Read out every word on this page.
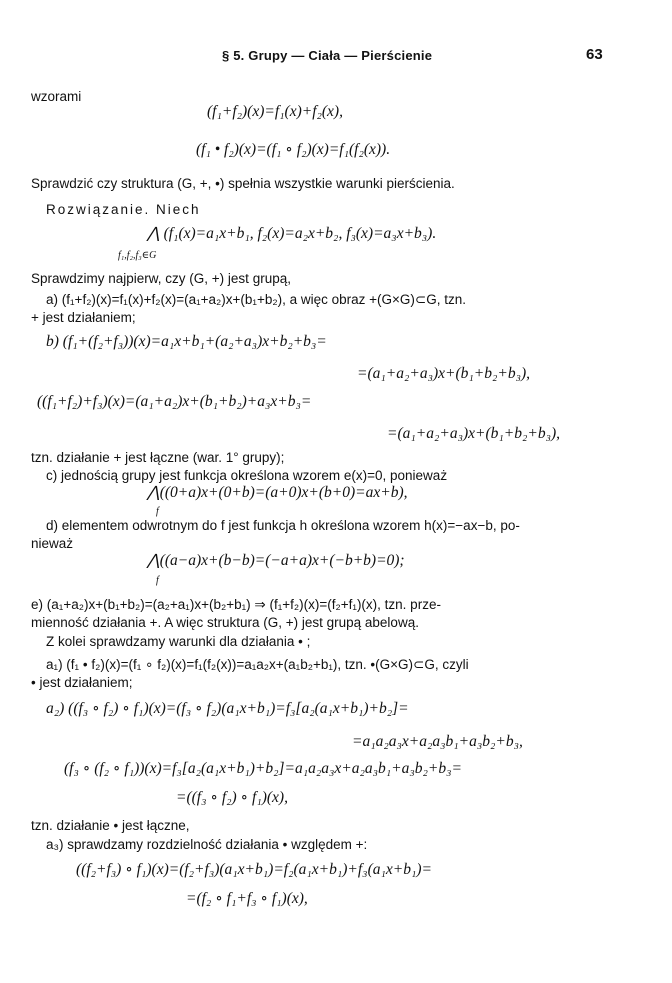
§ 5. Grupy — Ciała — Pierścienie	63
wzorami
(f₁+f₂)(x)=f₁(x)+f₂(x),
(f₁ • f₂)(x)=(f₁ ∘ f₂)(x)=f₁(f₂(x)).
Sprawdzić czy struktura (G, +, •) spełnia wszystkie warunki pierścienia.
Rozwiązanie. Niech
⋀ (f₁(x)=a₁x+b₁, f₂(x)=a₂x+b₂, f₃(x)=a₃x+b₃).
f₁,f₂,f₃∈G
Sprawdzimy najpierw, czy (G, +) jest grupą,
a) (f₁+f₂)(x)=f₁(x)+f₂(x)=(a₁+a₂)x+(b₁+b₂), a więc obraz +(G×G)⊂G, tzn.
+ jest działaniem;
b) (f₁+(f₂+f₃))(x)=a₁x+b₁+(a₂+a₃)x+b₂+b₃=
=(a₁+a₂+a₃)x+(b₁+b₂+b₃),
((f₁+f₂)+f₃)(x)=(a₁+a₂)x+(b₁+b₂)+a₃x+b₃=
=(a₁+a₂+a₃)x+(b₁+b₂+b₃),
tzn. działanie + jest łączne (war. 1° grupy);
c) jednością grupy jest funkcja określona wzorem e(x)=0, ponieważ
⋀((0+a)x+(0+b)=(a+0)x+(b+0)=ax+b),
f
d) elementem odwrotnym do f jest funkcja h określona wzorem h(x)=−ax−b, po-
nieważ
⋀((a−a)x+(b−b)=(−a+a)x+(−b+b)=0);
f
e) (a₁+a₂)x+(b₁+b₂)=(a₂+a₁)x+(b₂+b₁) ⇒ (f₁+f₂)(x)=(f₂+f₁)(x), tzn. prze-
mienność działania +. A więc struktura (G, +) jest grupą abelową.
Z kolei sprawdzamy warunki dla działania • ;
a₁) (f₁ • f₂)(x)=(f₁ ∘ f₂)(x)=f₁(f₂(x))=a₁a₂x+(a₁b₂+b₁), tzn. •(G×G)⊂G, czyli
• jest działaniem;
a₂) ((f₃ ∘ f₂) ∘ f₁)(x)=(f₃ ∘ f₂)(a₁x+b₁)=f₃[a₂(a₁x+b₁)+b₂]=
=a₁a₂a₃x+a₂a₃b₁+a₃b₂+b₃,
(f₃ ∘ (f₂ ∘ f₁))(x)=f₃[a₂(a₁x+b₁)+b₂]=a₁a₂a₃x+a₂a₃b₁+a₃b₂+b₃=
=((f₃ ∘ f₂) ∘ f₁)(x),
tzn. działanie • jest łączne,
a₃) sprawdzamy rozdzielność działania • względem +:
((f₂+f₃) ∘ f₁)(x)=(f₂+f₃)(a₁x+b₁)=f₂(a₁x+b₁)+f₃(a₁x+b₁)=
=(f₂ ∘ f₁+f₃ ∘ f₁)(x),
